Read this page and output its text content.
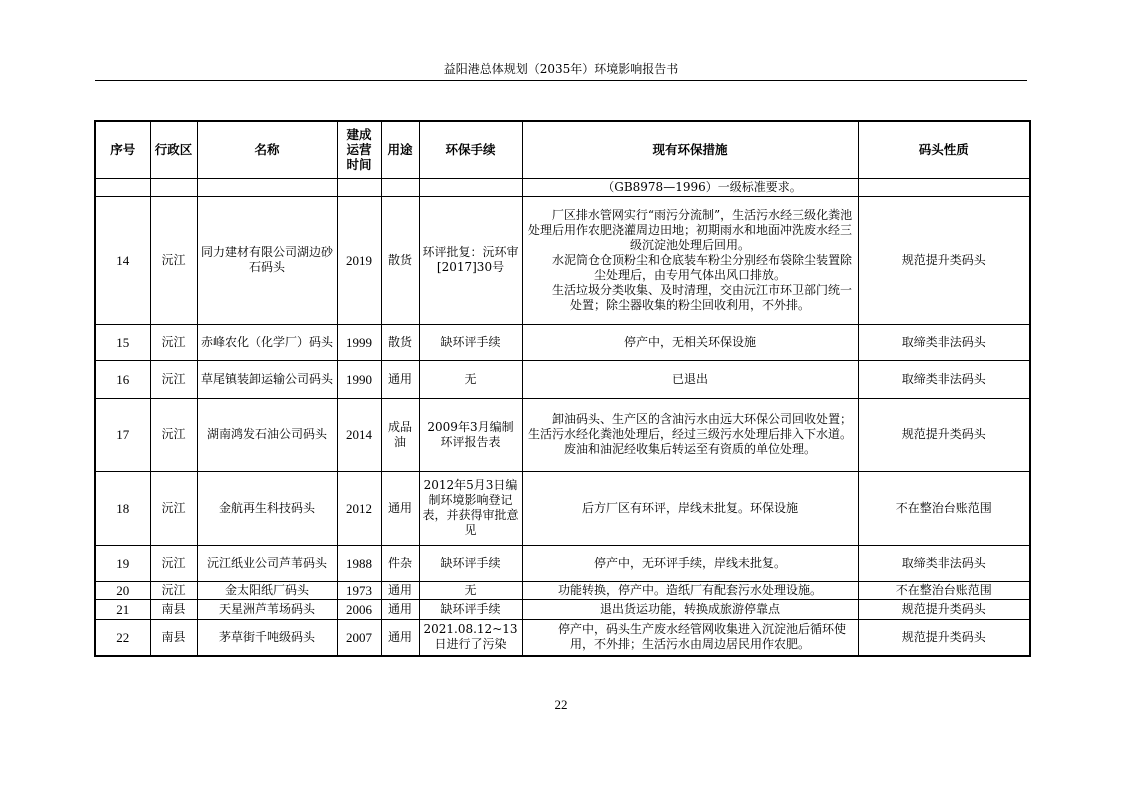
益阳港总体规划（2035年）环境影响报告书
序号	行政区	名称	建成运营时间	用途	环保手续	现有环保措施	码头性质

						（GB8978—1996）一级标准要求。	

14	沅江	同力建材有限公司湖边砂石码头	2019	散货	环评批复：沅环审[2017]30号	厂区排水管网实行“雨污分流制”，生活污水经三级化粪池处理后用作农肥浇灌周边田地；初期雨水和地面冲洗废水经三级沉淀池处理后回用。
水泥筒仓仓顶粉尘和仓底装车粉尘分别经布袋除尘装置除尘处理后，由专用气体出风口排放。
生活垃圾分类收集、及时清理，交由沅江市环卫部门统一处置；除尘器收集的粉尘回收利用，不外排。	规范提升类码头
15	沅江	赤峰农化（化学厂）码头	1999	散货	缺环评手续	停产中，无相关环保设施	取缔类非法码头
16	沅江	草尾镇装卸运输公司码头	1990	通用	无	已退出	取缔类非法码头
17	沅江	湖南鸿发石油公司码头	2014	成品油	2009年3月编制环评报告表	卸油码头、生产区的含油污水由远大环保公司回收处置；生活污水经化粪池处理后，经过三级污水处理后排入下水道。废油和油泥经收集后转运至有资质的单位处理。	规范提升类码头
18	沅江	金航再生科技码头	2012	通用	2012年5月3日编制环境影响登记表，并获得审批意见	后方厂区有环评，岸线未批复。环保设施	不在整治台账范围
19	沅江	沅江纸业公司芦苇码头	1988	件杂	缺环评手续	停产中，无环评手续，岸线未批复。	取缔类非法码头
20	沅江	金太阳纸厂码头	1973	通用	无	功能转换，停产中。造纸厂有配套污水处理设施。	不在整治台账范围
21	南县	天星洲芦苇场码头	2006	通用	缺环评手续	退出货运功能，转换成旅游停靠点	规范提升类码头
22	南县	茅草街千吨级码头	2007	通用	2021.08.12~13日进行了污染	停产中，码头生产废水经管网收集进入沉淀池后循环使用，不外排；生活污水由周边居民用作农肥。	规范提升类码头
22
